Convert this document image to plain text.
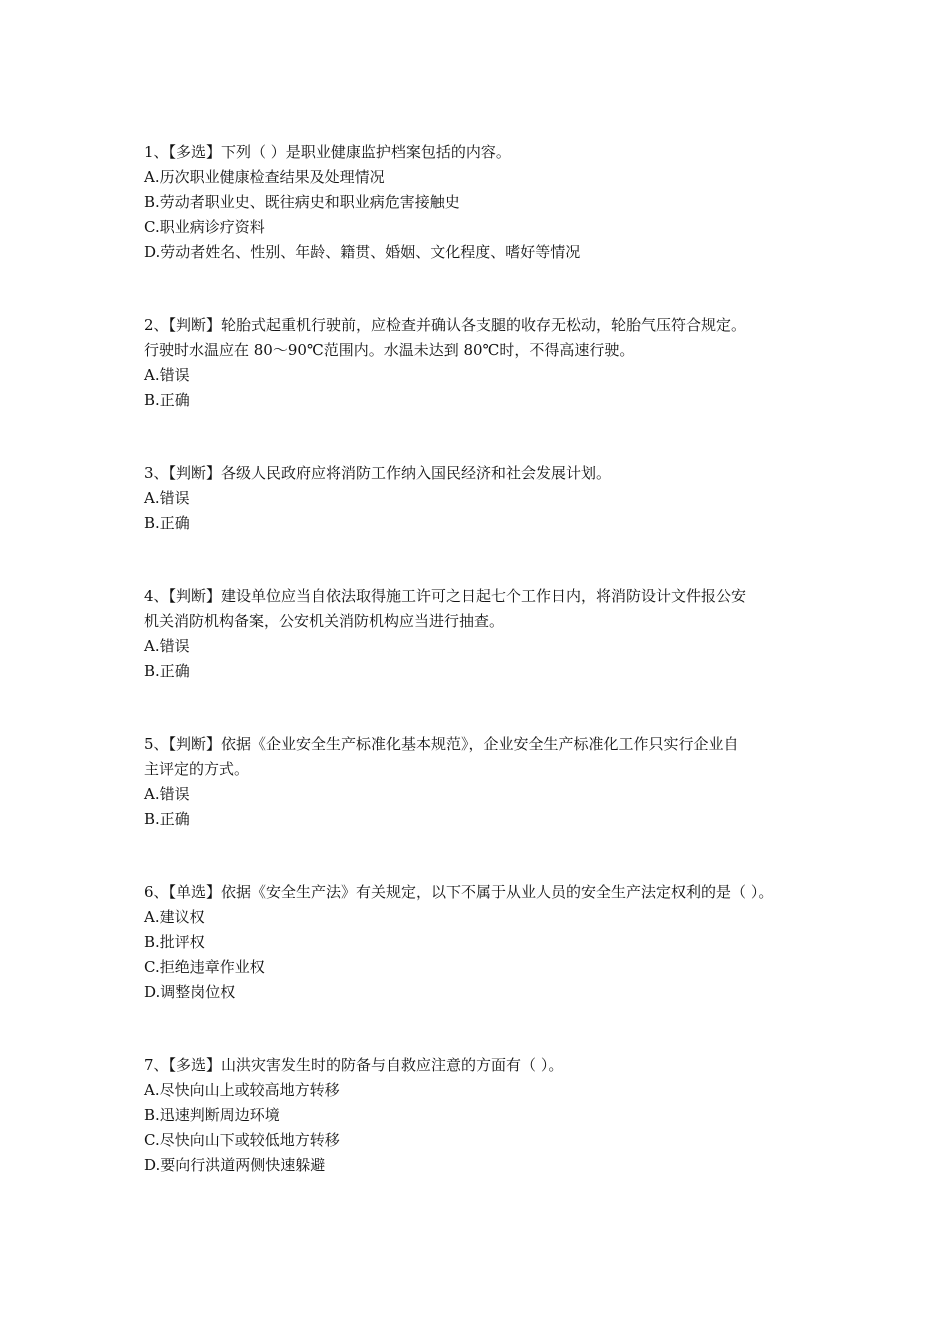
1、【多选】下列（ ）是职业健康监护档案包括的内容。
A.历次职业健康检查结果及处理情况
B.劳动者职业史、既往病史和职业病危害接触史
C.职业病诊疗资料
D.劳动者姓名、性别、年龄、籍贯、婚姻、文化程度、嗜好等情况
2、【判断】轮胎式起重机行驶前，应检查并确认各支腿的收存无松动，轮胎气压符合规定。
行驶时水温应在 80～90℃范围内。水温未达到 80℃时，不得高速行驶。
A.错误
B.正确
3、【判断】各级人民政府应将消防工作纳入国民经济和社会发展计划。
A.错误
B.正确
4、【判断】建设单位应当自依法取得施工许可之日起七个工作日内，将消防设计文件报公安
机关消防机构备案，公安机关消防机构应当进行抽查。
A.错误
B.正确
5、【判断】依据《企业安全生产标准化基本规范》，企业安全生产标准化工作只实行企业自
主评定的方式。
A.错误
B.正确
6、【单选】依据《安全生产法》有关规定，以下不属于从业人员的安全生产法定权利的是（ ）。
A.建议权
B.批评权
C.拒绝违章作业权
D.调整岗位权
7、【多选】山洪灾害发生时的防备与自救应注意的方面有（ ）。
A.尽快向山上或较高地方转移
B.迅速判断周边环境
C.尽快向山下或较低地方转移
D.要向行洪道两侧快速躲避
